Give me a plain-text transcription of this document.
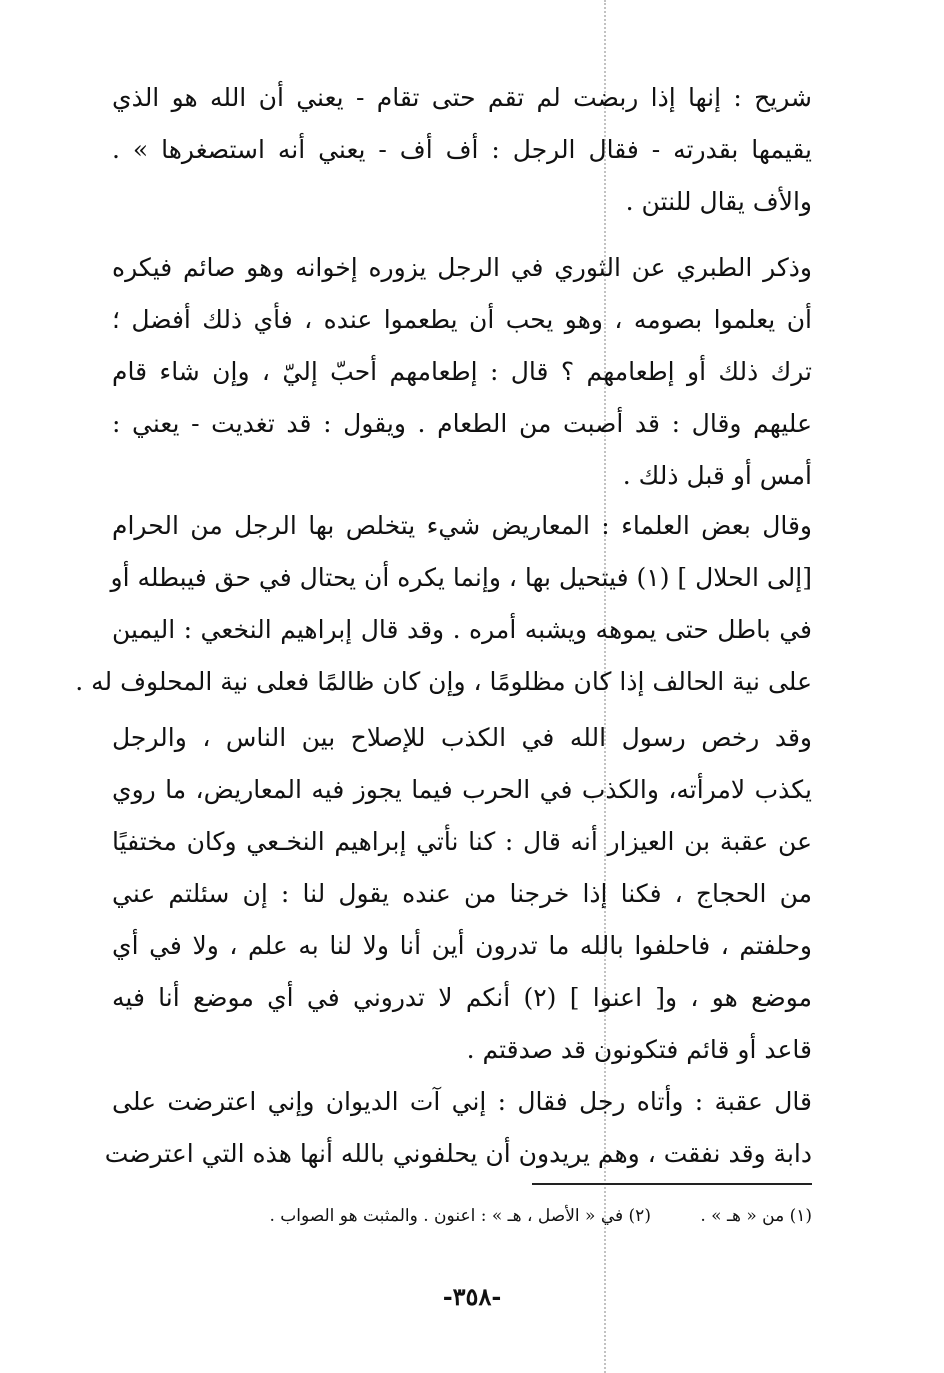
شريح : إنها إذا ربضت لم تقم حتى تقام - يعني أن الله هو الذي
يقيمها بقدرته - فقال الرجل : أف أف - يعني أنه استصغرها » .
والأف يقال للنتن .
وذكر الطبري عن الثوري في الرجل يزوره إخوانه وهو صائم فيكره
أن يعلموا بصومه ، وهو يحب أن يطعموا عنده ، فأي ذلك أفضل ؛
ترك ذلك أو إطعامهم ؟ قال : إطعامهم أحبّ إليّ ، وإن شاء قام
عليهم وقال : قد أصبت من الطعام . ويقول : قد تغديت - يعني :
أمس أو قبل ذلك .
وقال بعض العلماء : المعاريض شيء يتخلص بها الرجل من الحرام
[إلى الحلال ] (١) فيتحيل بها ، وإنما يكره أن يحتال في حق فيبطله أو
في باطل حتى يموهه ويشبه أمره . وقد قال إبراهيم النخعي : اليمين
على نية الحالف إذا كان مظلومًا ، وإن كان ظالمًا فعلى نية المحلوف له .
وقد رخص رسول الله في الكذب للإصلاح بين الناس ، والرجل
يكذب لامرأته، والكذب في الحرب فيما يجوز فيه المعاريض، ما روي
عن عقبة بن العيزار أنه قال : كنا نأتي إبراهيم النخـعي وكان مختفيًا
من الحجاج ، فكنا إذا خرجنا من عنده يقول لنا : إن سئلتم عني
وحلفتم ، فاحلفوا بالله ما تدرون أين أنا ولا لنا به علم ، ولا في أي
موضع هو ، و[ اعنوا ] (٢) أنكم لا تدروني في أي موضع أنا فيه
قاعد أو قائم فتكونون قد صدقتم .
قال عقبة : وأتاه رجل فقال : إني آت الديوان وإني اعترضت على
دابة وقد نفقت ، وهم يريدون أن يحلفوني بالله أنها هذه التي اعترضت
(١) من « هـ » . (٢) في « الأصل ، هـ » : اعنون . والمثبت هو الصواب .
-٣٥٨-
